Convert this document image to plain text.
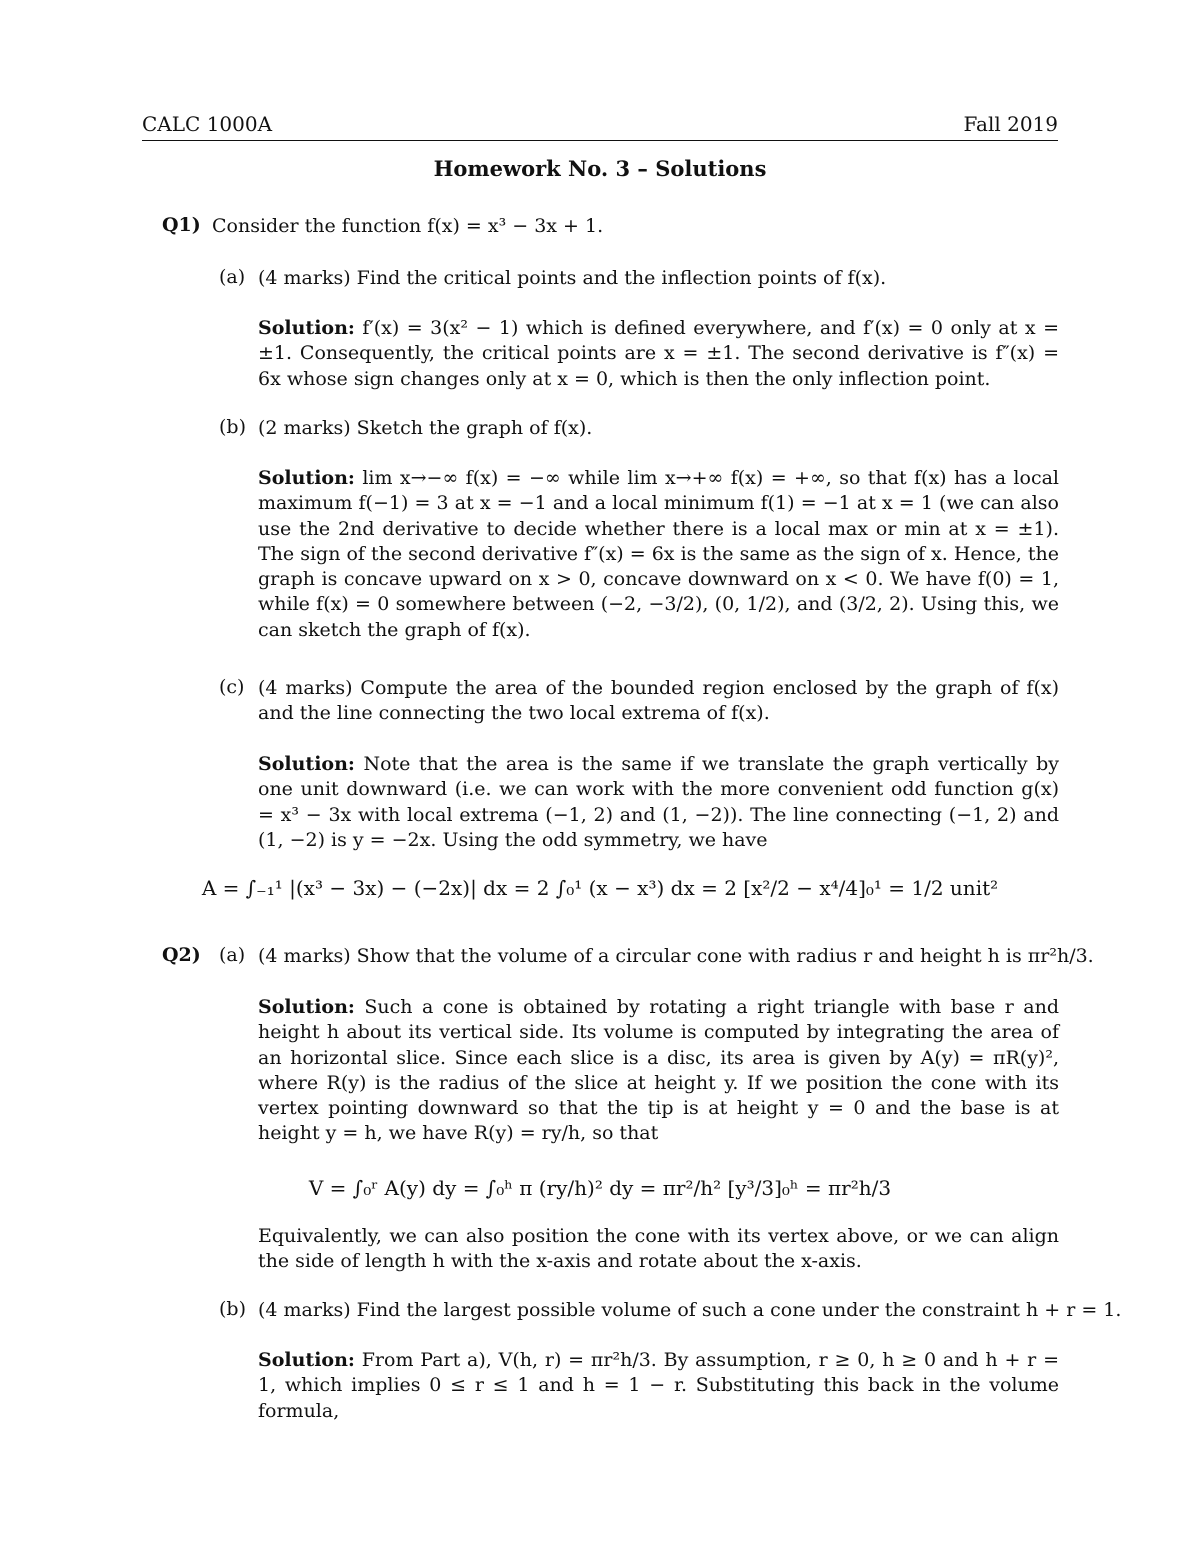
CALC 1000A	Fall 2019
Homework No. 3 – Solutions
Q1) Consider the function f(x) = x³ − 3x + 1.
(a) (4 marks) Find the critical points and the inflection points of f(x).
Solution: f′(x) = 3(x² − 1) which is defined everywhere, and f′(x) = 0 only at x = ±1. Consequently, the critical points are x = ±1. The second derivative is f″(x) = 6x whose sign changes only at x = 0, which is then the only inflection point.
(b) (2 marks) Sketch the graph of f(x).
Solution: lim x→−∞ f(x) = −∞ while lim x→+∞ f(x) = +∞, so that f(x) has a local maximum f(−1) = 3 at x = −1 and a local minimum f(1) = −1 at x = 1 (we can also use the 2nd derivative to decide whether there is a local max or min at x = ±1). The sign of the second derivative f″(x) = 6x is the same as the sign of x. Hence, the graph is concave upward on x > 0, concave downward on x < 0. We have f(0) = 1, while f(x) = 0 somewhere between (−2, −3/2), (0, 1/2), and (3/2, 2). Using this, we can sketch the graph of f(x).
(c) (4 marks) Compute the area of the bounded region enclosed by the graph of f(x) and the line connecting the two local extrema of f(x).
Solution: Note that the area is the same if we translate the graph vertically by one unit downward (i.e. we can work with the more convenient odd function g(x) = x³ − 3x with local extrema (−1, 2) and (1, −2)). The line connecting (−1, 2) and (1, −2) is y = −2x. Using the odd symmetry, we have
A = ∫₋₁¹ |(x³ − 3x) − (−2x)| dx = 2 ∫₀¹ (x − x³) dx = 2 [x²/2 − x⁴/4]₀¹ = 1/2 unit²
Q2) (a) (4 marks) Show that the volume of a circular cone with radius r and height h is πr²h/3.
Solution: Such a cone is obtained by rotating a right triangle with base r and height h about its vertical side. Its volume is computed by integrating the area of an horizontal slice. Since each slice is a disc, its area is given by A(y) = πR(y)², where R(y) is the radius of the slice at height y. If we position the cone with its vertex pointing downward so that the tip is at height y = 0 and the base is at height y = h, we have R(y) = ry/h, so that
V = ∫₀ʳ A(y) dy = ∫₀ʰ π (ry/h)² dy = πr²/h² [y³/3]₀ʰ = πr²h/3
Equivalently, we can also position the cone with its vertex above, or we can align the side of length h with the x-axis and rotate about the x-axis.
(b) (4 marks) Find the largest possible volume of such a cone under the constraint h + r = 1.
Solution: From Part a), V(h, r) = πr²h/3. By assumption, r ≥ 0, h ≥ 0 and h + r = 1, which implies 0 ≤ r ≤ 1 and h = 1 − r. Substituting this back in the volume formula,
